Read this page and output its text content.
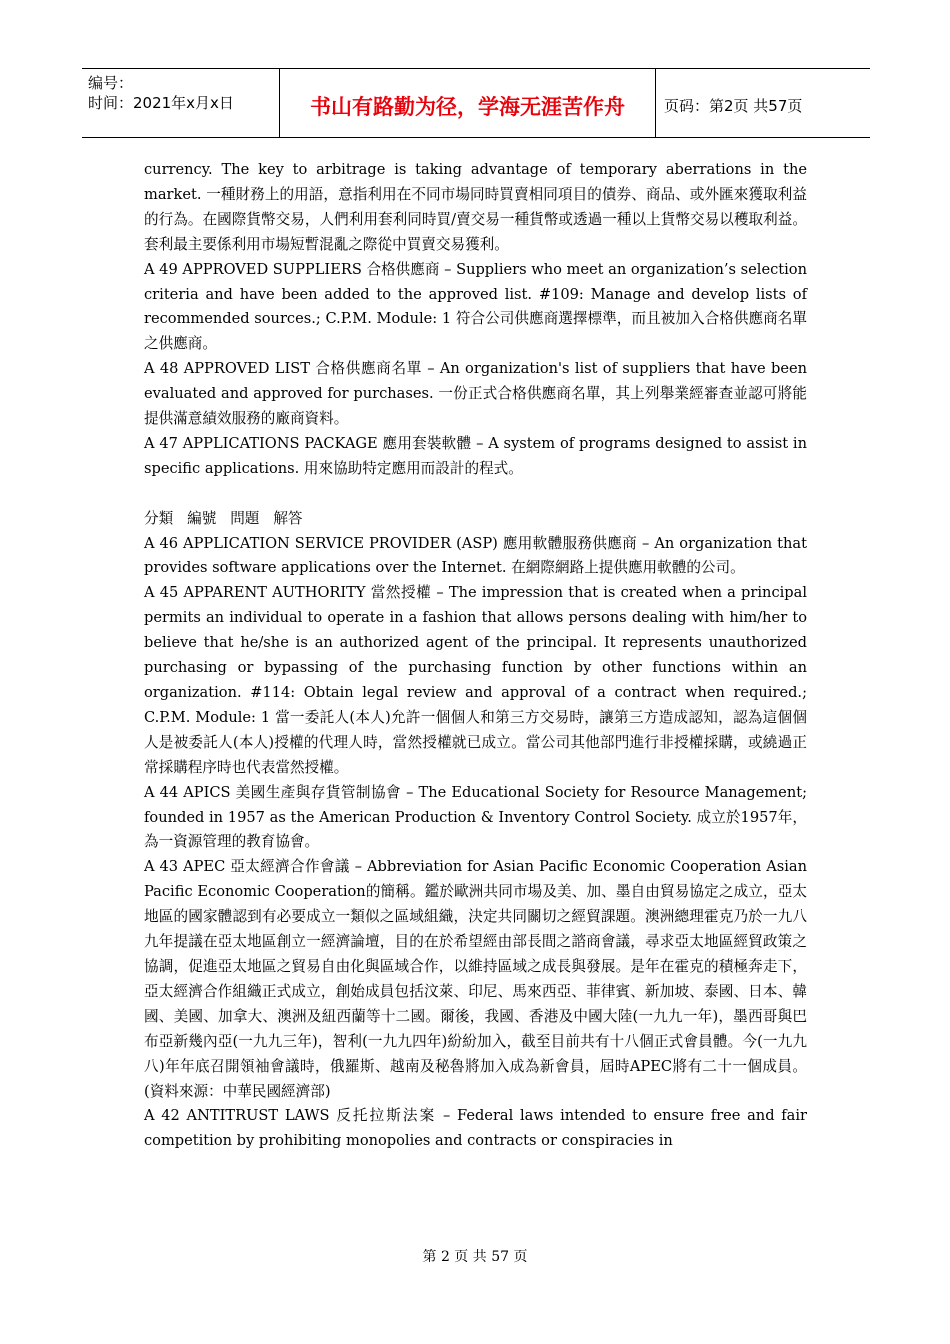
编号：
时间：2021年x月x日	书山有路勤为径，学海无涯苦作舟	页码：第2页 共57页

currency. The key to arbitrage is taking advantage of temporary aberrations in the market. 一種財務上的用語，意指利用在不同市場同時買賣相同項目的債券、商品、或外匯來獲取利益的行為。在國際貨幣交易，人們利用套利同時買/賣交易一種貨幣或透過一種以上貨幣交易以穫取利益。套利最主要係利用市場短暫混亂之際從中買賣交易獲利。

A 49 APPROVED SUPPLIERS 合格供應商 – Suppliers who meet an organization’s selection criteria and have been added to the approved list. #109: Manage and develop lists of recommended sources.; C.P.M. Module: 1 符合公司供應商選擇標準，而且被加入合格供應商名單之供應商。

A 48 APPROVED LIST 合格供應商名單 – An organization's list of suppliers that have been evaluated and approved for purchases. 一份正式合格供應商名單，其上列舉業經審查並認可將能提供滿意績效服務的廠商資料。

A 47 APPLICATIONS PACKAGE 應用套裝軟體 – A system of programs designed to assist in specific applications. 用來協助特定應用而設計的程式。

分類   編號   問題   解答

A 46 APPLICATION SERVICE PROVIDER (ASP) 應用軟體服務供應商 – An organization that provides software applications over the Internet. 在網際網路上提供應用軟體的公司。

A 45 APPARENT AUTHORITY 當然授權 – The impression that is created when a principal permits an individual to operate in a fashion that allows persons dealing with him/her to believe that he/she is an authorized agent of the principal. It represents unauthorized purchasing or bypassing of the purchasing function by other functions within an organization. #114: Obtain legal review and approval of a contract when required.; C.P.M. Module: 1 當一委託人(本人)允許一個個人和第三方交易時，讓第三方造成認知，認為這個個人是被委託人(本人)授權的代理人時，當然授權就已成立。當公司其他部門進行非授權採購，或繞過正常採購程序時也代表當然授權。

A 44 APICS 美國生產與存貨管制協會 – The Educational Society for Resource Management; founded in 1957 as the American Production & Inventory Control Society. 成立於1957年，為一資源管理的教育協會。

A 43 APEC 亞太經濟合作會議 – Abbreviation for Asian Pacific Economic Cooperation Asian Pacific Economic Cooperation的簡稱。鑑於歐洲共同市場及美、加、墨自由貿易協定之成立，亞太地區的國家體認到有必要成立一類似之區域組織，決定共同關切之經貿課題。澳洲總理霍克乃於一九八九年提議在亞太地區創立一經濟論壇，目的在於希望經由部長間之諮商會議，尋求亞太地區經貿政策之協調，促進亞太地區之貿易自由化與區域合作，以維持區域之成長與發展。是年在霍克的積極奔走下，亞太經濟合作組織正式成立，創始成員包括汶萊、印尼、馬來西亞、菲律賓、新加坡、泰國、日本、韓國、美國、加拿大、澳洲及紐西蘭等十二國。爾後，我國、香港及中國大陸(一九九一年)，墨西哥與巴布亞新幾內亞(一九九三年)，智利(一九九四年)紛紛加入，截至目前共有十八個正式會員體。今(一九九八)年年底召開領袖會議時，俄羅斯、越南及秘魯將加入成為新會員，屆時APEC將有二十一個成員。(資料來源：中華民國經濟部)

A 42 ANTITRUST LAWS 反托拉斯法案 – Federal laws intended to ensure free and fair competition by prohibiting monopolies and contracts or conspiracies in

第 2 页 共 57 页
